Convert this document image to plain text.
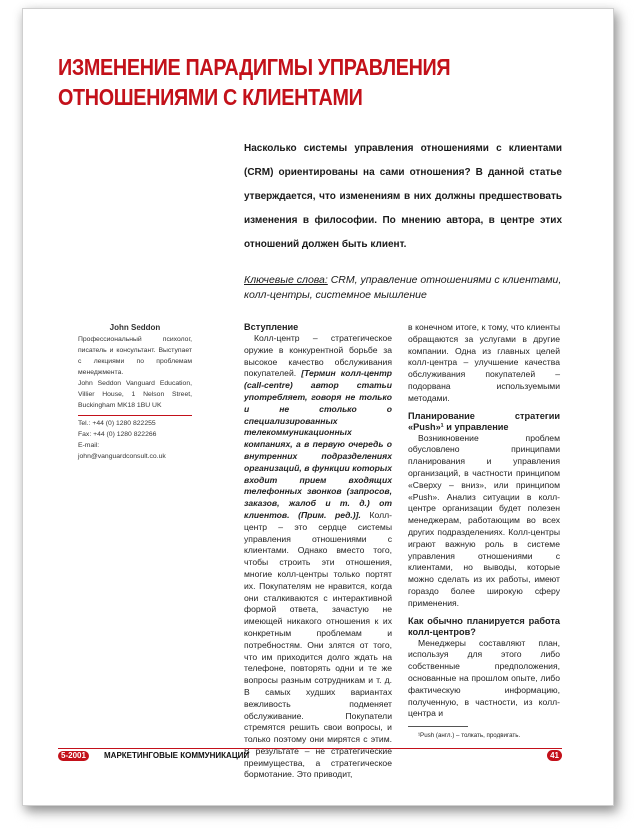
ИЗМЕНЕНИЕ ПАРАДИГМЫ УПРАВЛЕНИЯ
ОТНОШЕНИЯМИ С КЛИЕНТАМИ

Насколько системы управления отношениями с клиентами (CRM) ориентированы на сами отношения? В данной статье утверждается, что изменениям в них должны предшествовать изменения в философии. По мнению автора, в центре этих отношений должен быть клиент.

Ключевые слова: CRM, управление отношениями с клиентами, колл-центры, системное мышление

John Seddon

Профессиональный психолог, писатель и консультант. Выступает с лекциями по проблемам менеджмента.

John Seddon Vanguard Education, Villier House, 1 Nelson Street, Buckingham MK18 1BU UK

Tel.: +44 (0) 1280 822255

Fax: +44 (0) 1280 822266

E-mail:

john@vanguardconsult.co.uk

Вступление

Колл-центр – стратегическое оружие в конкурентной борьбе за высокое качество обслуживания покупателей. [Термин колл-центр (call-centre) автор статьи употребляет, говоря не только и не столько о специализированных телекоммуникационных компаниях, а в первую очередь о внутренних подразделениях организаций, в функции которых входит прием входящих телефонных звонков (запросов, заказов, жалоб и т. д.) от клиентов. (Прим. ред.)]. Колл-центр – это сердце системы управления отношениями с клиентами. Однако вместо того, чтобы строить эти отношения, многие колл-центры только портят их. Покупателям не нравится, когда они сталкиваются с интерактивной формой ответа, зачастую не имеющей никакого отношения к их конкретным проблемам и потребностям. Они злятся от того, что им приходится долго ждать на телефоне, повторять одни и те же вопросы разным сотрудникам и т. д. В самых худших вариантах вежливость подменяет обслуживание. Покупатели стремятся решить свои вопросы, и только поэтому они мирятся с этим. В результате – не стратегические преимущества, а стратегическое бормотание. Это приводит,

в конечном итоге, к тому, что клиенты обращаются за услугами в другие компании. Одна из главных целей колл-центра – улучшение качества обслуживания покупателей – подорвана используемыми методами.

Планирование стратегии «Push»¹ и управление

Возникновение проблем обусловлено принципами планирования и управления организаций, в частности принципом «Сверху – вниз», или принципом «Push». Анализ ситуации в колл-центре организации будет полезен менеджерам, работающим во всех других подразделениях. Колл-центры играют важную роль в системе управления отношениями с клиентами, но выводы, которые можно сделать из их работы, имеют гораздо более широкую сферу применения.

Как обычно планируется работа колл-центров?

Менеджеры составляют план, используя для этого либо собственные предположения, основанные на прошлом опыте, либо фактическую информацию, полученную, в частности, из колл-центра и

¹Push (англ.) – толкать, продвигать.

5-2001	МАРКЕТИНГОВЫЕ КОММУНИКАЦИИ	41
